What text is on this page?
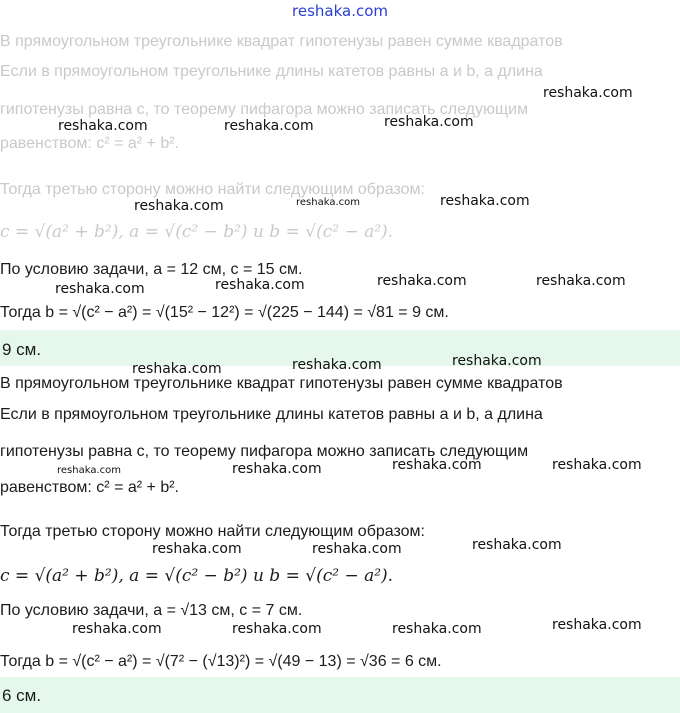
reshaka.com
В прямоугольном треугольнике квадрат гипотенузы равен сумме квадратов
Если в прямоугольном треугольнике длины катетов равны a и b, а длина
гипотенузы равна c, то теорему пифагора можно записать следующим
равенством: c² = a² + b².
Тогда третью сторону можно найти следующим образом:
c = √(a² + b²), a = √(c² − b²) и b = √(c² − a²).
По условию задачи, a = 12 см, c = 15 см.
Тогда b = √(c² − a²) = √(15² − 12²) = √(225 − 144) = √81 = 9 см.
9 см.
В прямоугольном треугольнике квадрат гипотенузы равен сумме квадратов
Если в прямоугольном треугольнике длины катетов равны a и b, а длина
гипотенузы равна c, то теорему пифагора можно записать следующим
равенством: c² = a² + b².
Тогда третью сторону можно найти следующим образом:
c = √(a² + b²), a = √(c² − b²) и b = √(c² − a²).
По условию задачи, a = √13 см, c = 7 см.
Тогда b = √(c² − a²) = √(7² − (√13)²) = √(49 − 13) = √36 = 6 см.
6 см.
reshaka.com
reshaka.com	reshaka.com	reshaka.com
reshaka.com	reshaka.com	reshaka.com
reshaka.com	reshaka.com	reshaka.com	reshaka.com
reshaka.com	reshaka.com	reshaka.com
reshaka.com	reshaka.com	reshaka.com	reshaka.com
reshaka.com	reshaka.com	reshaka.com
reshaka.com	reshaka.com	reshaka.com	reshaka.com
